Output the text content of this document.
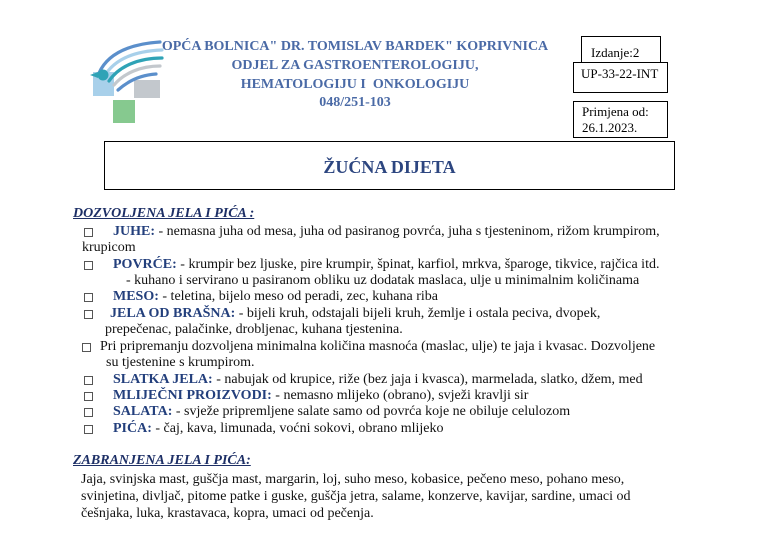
OPĆA BOLNICA" DR. TOMISLAV BARDEK" KOPRIVNICA
ODJEL ZA GASTROENTEROLOGIJU,
HEMATOLOGIJU I  ONKOLOGIJU
048/251-103
Izdanje:2
UP-33-22-INT
Primjena od:
26.1.2023.
ŽUĆNA DIJETA
DOZVOLJENA JELA I PIĆA :
JUHE: - nemasna juha od mesa, juha od pasiranog povrća, juha s tjesteninom, rižom krumpirom,
krupicom
POVRĆE: - krumpir bez ljuske, pire krumpir, špinat, karfiol, mrkva, šparoge, tikvice, rajčica itd.
- kuhano i servirano u pasiranom obliku uz dodatak maslaca, ulje u minimalnim količinama
MESO: - teletina, bijelo meso od peradi, zec, kuhana riba
JELA OD BRAŠNA: - bijeli kruh, odstajali bijeli kruh, žemlje i ostala peciva, dvopek,
prepečenac, palačinke, drobljenac, kuhana tjestenina.
Pri pripremanju dozvoljena minimalna količina masnoća (maslac, ulje) te jaja i kvasac. Dozvoljene
su tjestenine s krumpirom.
SLATKA JELA: - nabujak od krupice, riže (bez jaja i kvasca), marmelada, slatko, džem, med
MLIJEČNI PROIZVODI: - nemasno mlijeko (obrano), svježi kravlji sir
SALATA: - svježe pripremljene salate samo od povrća koje ne obiluje celulozom
PIĆA: - čaj, kava, limunada, voćni sokovi, obrano mlijeko
ZABRANJENA JELA I PIĆA:
Jaja, svinjska mast, guščja mast, margarin, loj, suho meso, kobasice, pečeno meso, pohano meso,
svinjetina, divljač, pitome patke i guske, guščja jetra, salame, konzerve, kavijar, sardine, umaci od
češnjaka, luka, krastavaca, kopra, umaci od pečenja.
